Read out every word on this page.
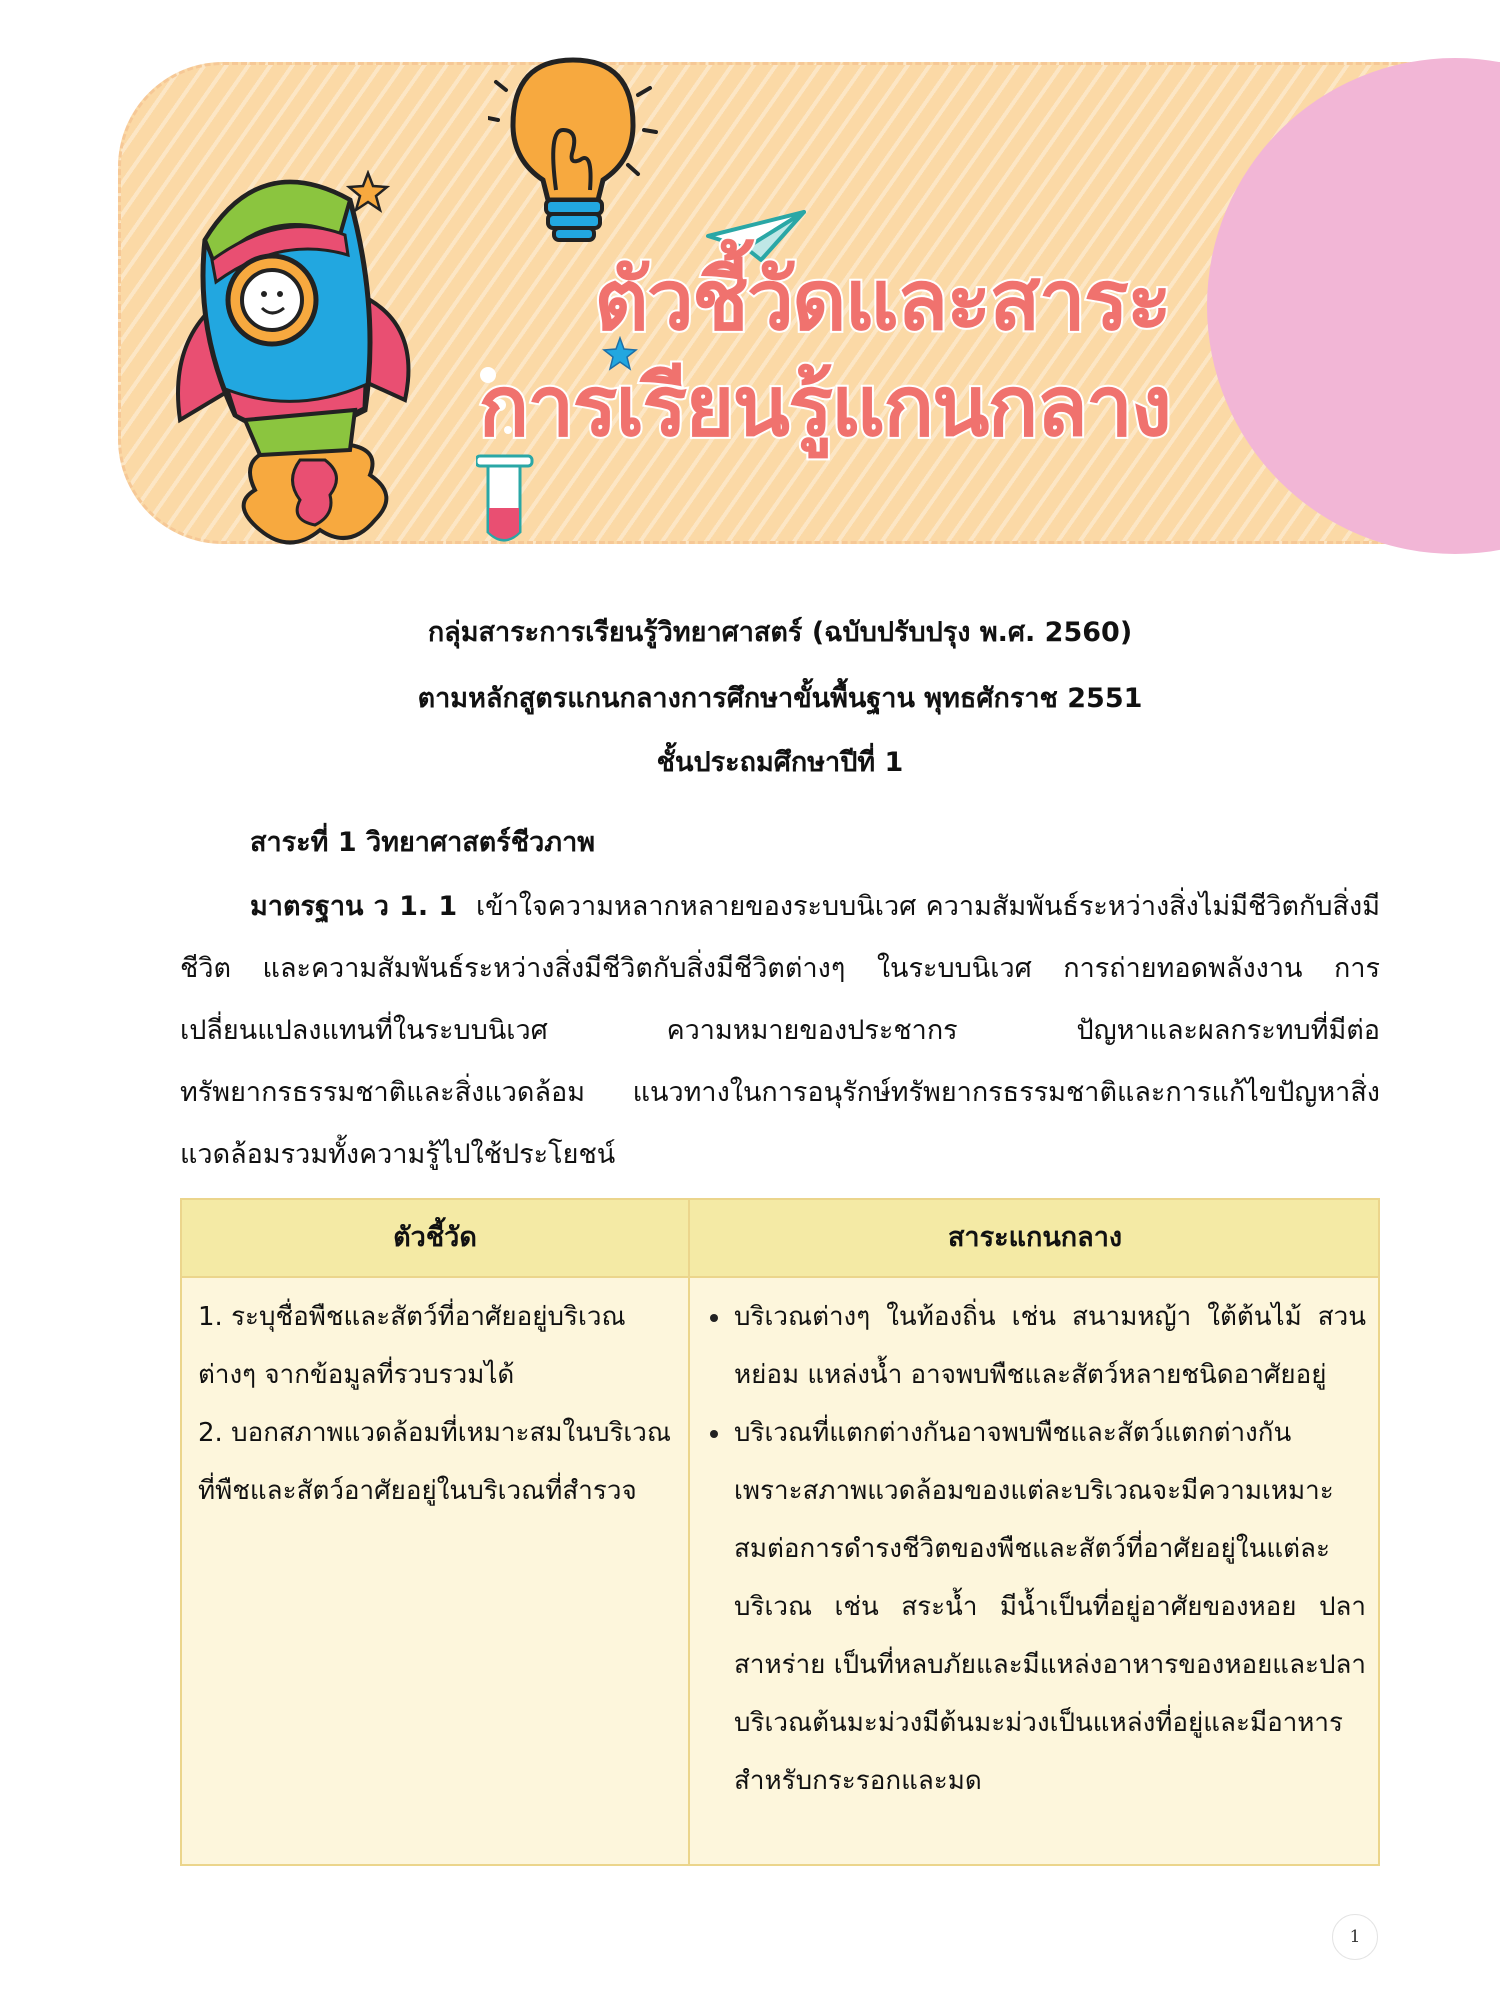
ตัวชี้วัดและสาระ
การเรียนรู้แกนกลาง
กลุ่มสาระการเรียนรู้วิทยาศาสตร์ (ฉบับปรับปรุง พ.ศ. 2560)
ตามหลักสูตรแกนกลางการศึกษาขั้นพื้นฐาน พุทธศักราช 2551
ชั้นประถมศึกษาปีที่ 1
สาระที่ 1 วิทยาศาสตร์ชีวภาพ
มาตรฐาน ว 1. 1 เข้าใจความหลากหลายของระบบนิเวศ ความสัมพันธ์ระหว่างสิ่งไม่มีชีวิตกับสิ่งมีชีวิต และความสัมพันธ์ระหว่างสิ่งมีชีวิตกับสิ่งมีชีวิตต่างๆ ในระบบนิเวศ การถ่ายทอดพลังงาน การเปลี่ยนแปลงแทนที่ในระบบนิเวศ ความหมายของประชากร ปัญหาและผลกระทบที่มีต่อทรัพยากรธรรมชาติและสิ่งแวดล้อม แนวทางในการอนุรักษ์ทรัพยากรธรรมชาติและการแก้ไขปัญหาสิ่งแวดล้อมรวมทั้งความรู้ไปใช้ประโยชน์
ตัวชี้วัด	สาระแกนกลาง
1. ระบุชื่อพืชและสัตว์ที่อาศัยอยู่บริเวณต่างๆ จากข้อมูลที่รวบรวมได้
2. บอกสภาพแวดล้อมที่เหมาะสมในบริเวณที่พืชและสัตว์อาศัยอยู่ในบริเวณที่สำรวจ
บริเวณต่างๆ ในท้องถิ่น เช่น สนามหญ้า ใต้ต้นไม้ สวนหย่อม แหล่งน้ำ อาจพบพืชและสัตว์หลายชนิดอาศัยอยู่
บริเวณที่แตกต่างกันอาจพบพืชและสัตว์แตกต่างกัน เพราะสภาพแวดล้อมของแต่ละบริเวณจะมีความเหมาะสมต่อการดำรงชีวิตของพืชและสัตว์ที่อาศัยอยู่ในแต่ละบริเวณ เช่น สระน้ำ มีน้ำเป็นที่อยู่อาศัยของหอย ปลา สาหร่าย เป็นที่หลบภัยและมีแหล่งอาหารของหอยและปลา บริเวณต้นมะม่วงมีต้นมะม่วงเป็นแหล่งที่อยู่และมีอาหารสำหรับกระรอกและมด
1
